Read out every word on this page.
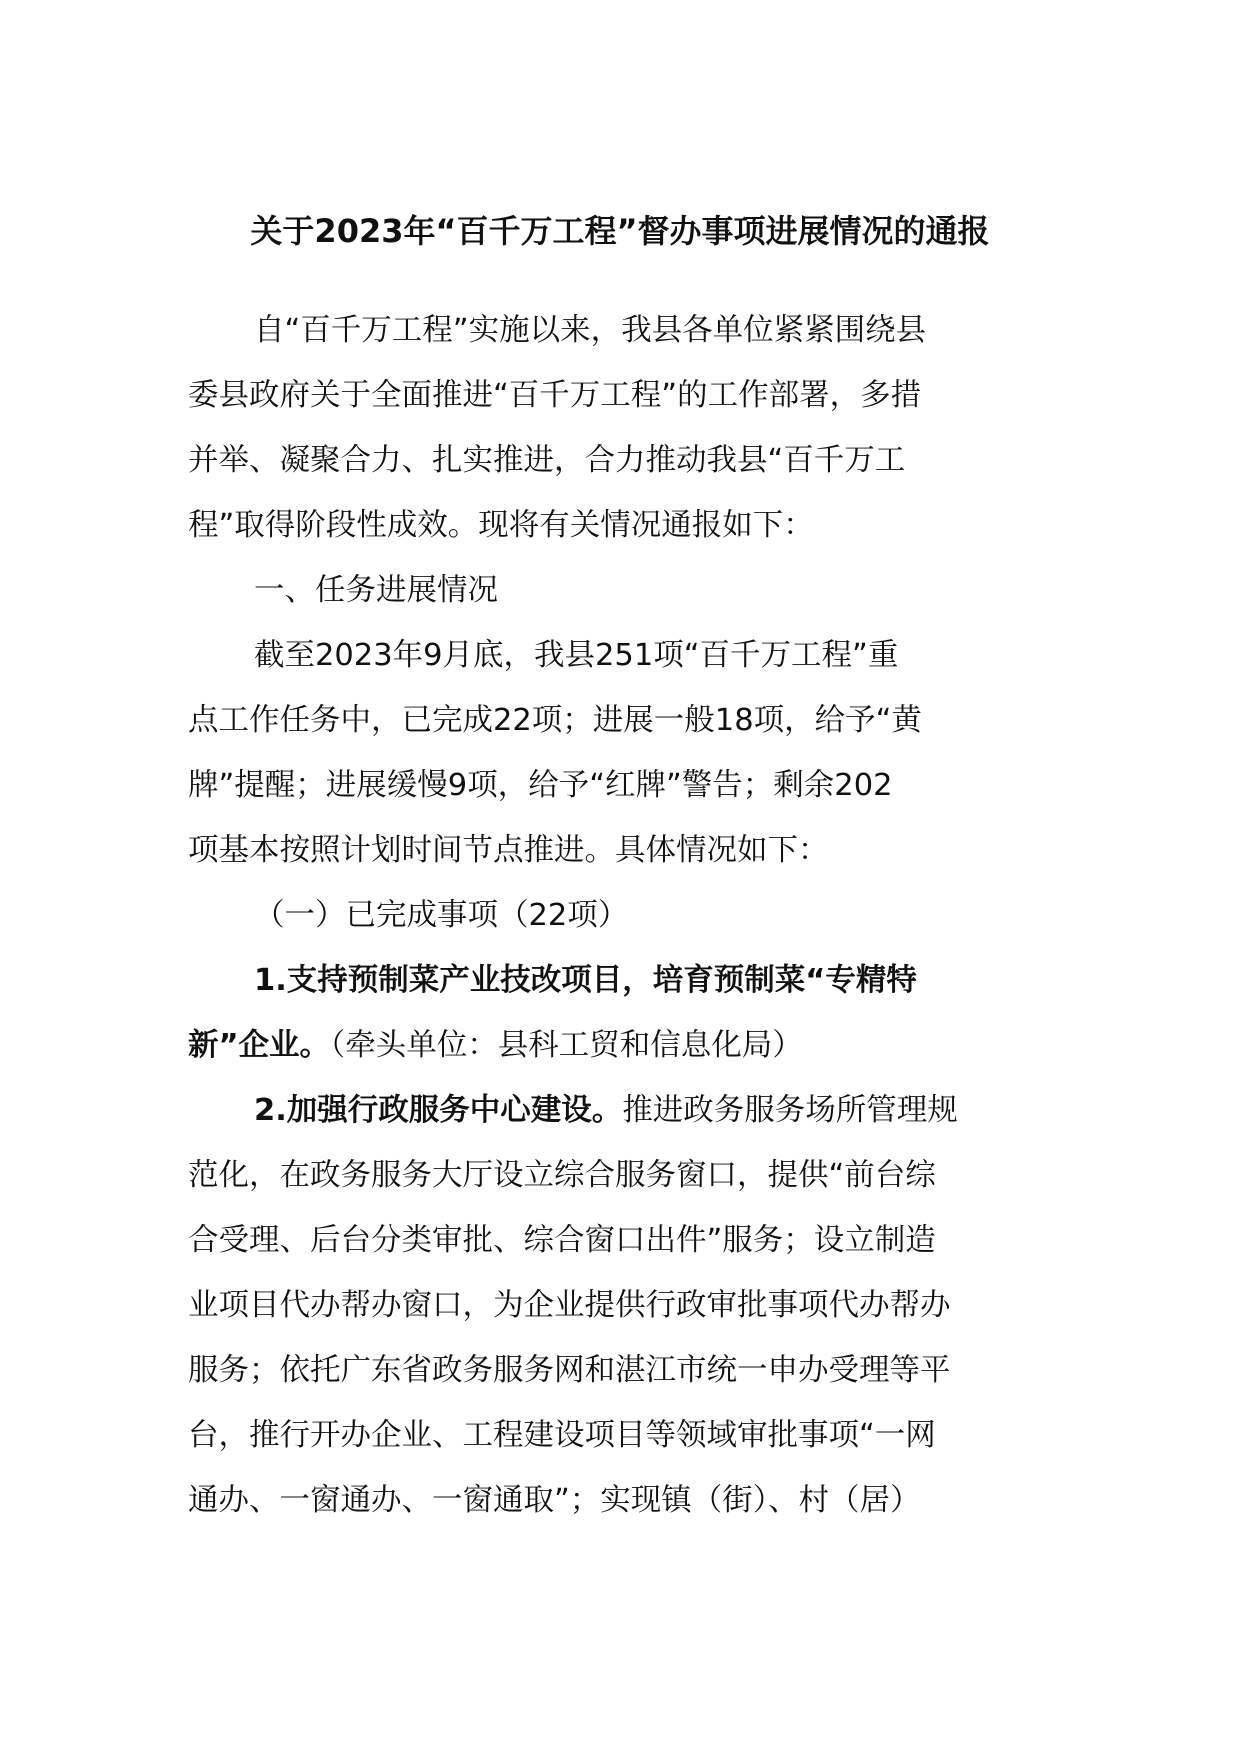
关于2023年“百千万工程”督办事项进展情况的通报
自“百千万工程”实施以来，我县各单位紧紧围绕县
委县政府关于全面推进“百千万工程”的工作部署，多措
并举、凝聚合力、扎实推进，合力推动我县“百千万工
程”取得阶段性成效。现将有关情况通报如下：
一、任务进展情况
截至2023年9月底，我县251项“百千万工程”重
点工作任务中，已完成22项；进展一般18项，给予“黄
牌”提醒；进展缓慢9项，给予“红牌”警告；剩余202
项基本按照计划时间节点推进。具体情况如下：
（一）已完成事项（22项）
1.支持预制菜产业技改项目，培育预制菜“专精特
新”企业。（牵头单位：县科工贸和信息化局）
2.加强行政服务中心建设。推进政务服务场所管理规
范化，在政务服务大厅设立综合服务窗口，提供“前台综
合受理、后台分类审批、综合窗口出件”服务；设立制造
业项目代办帮办窗口，为企业提供行政审批事项代办帮办
服务；依托广东省政务服务网和湛江市统一申办受理等平
台，推行开办企业、工程建设项目等领域审批事项“一网
通办、一窗通办、一窗通取”；实现镇（街）、村（居）
